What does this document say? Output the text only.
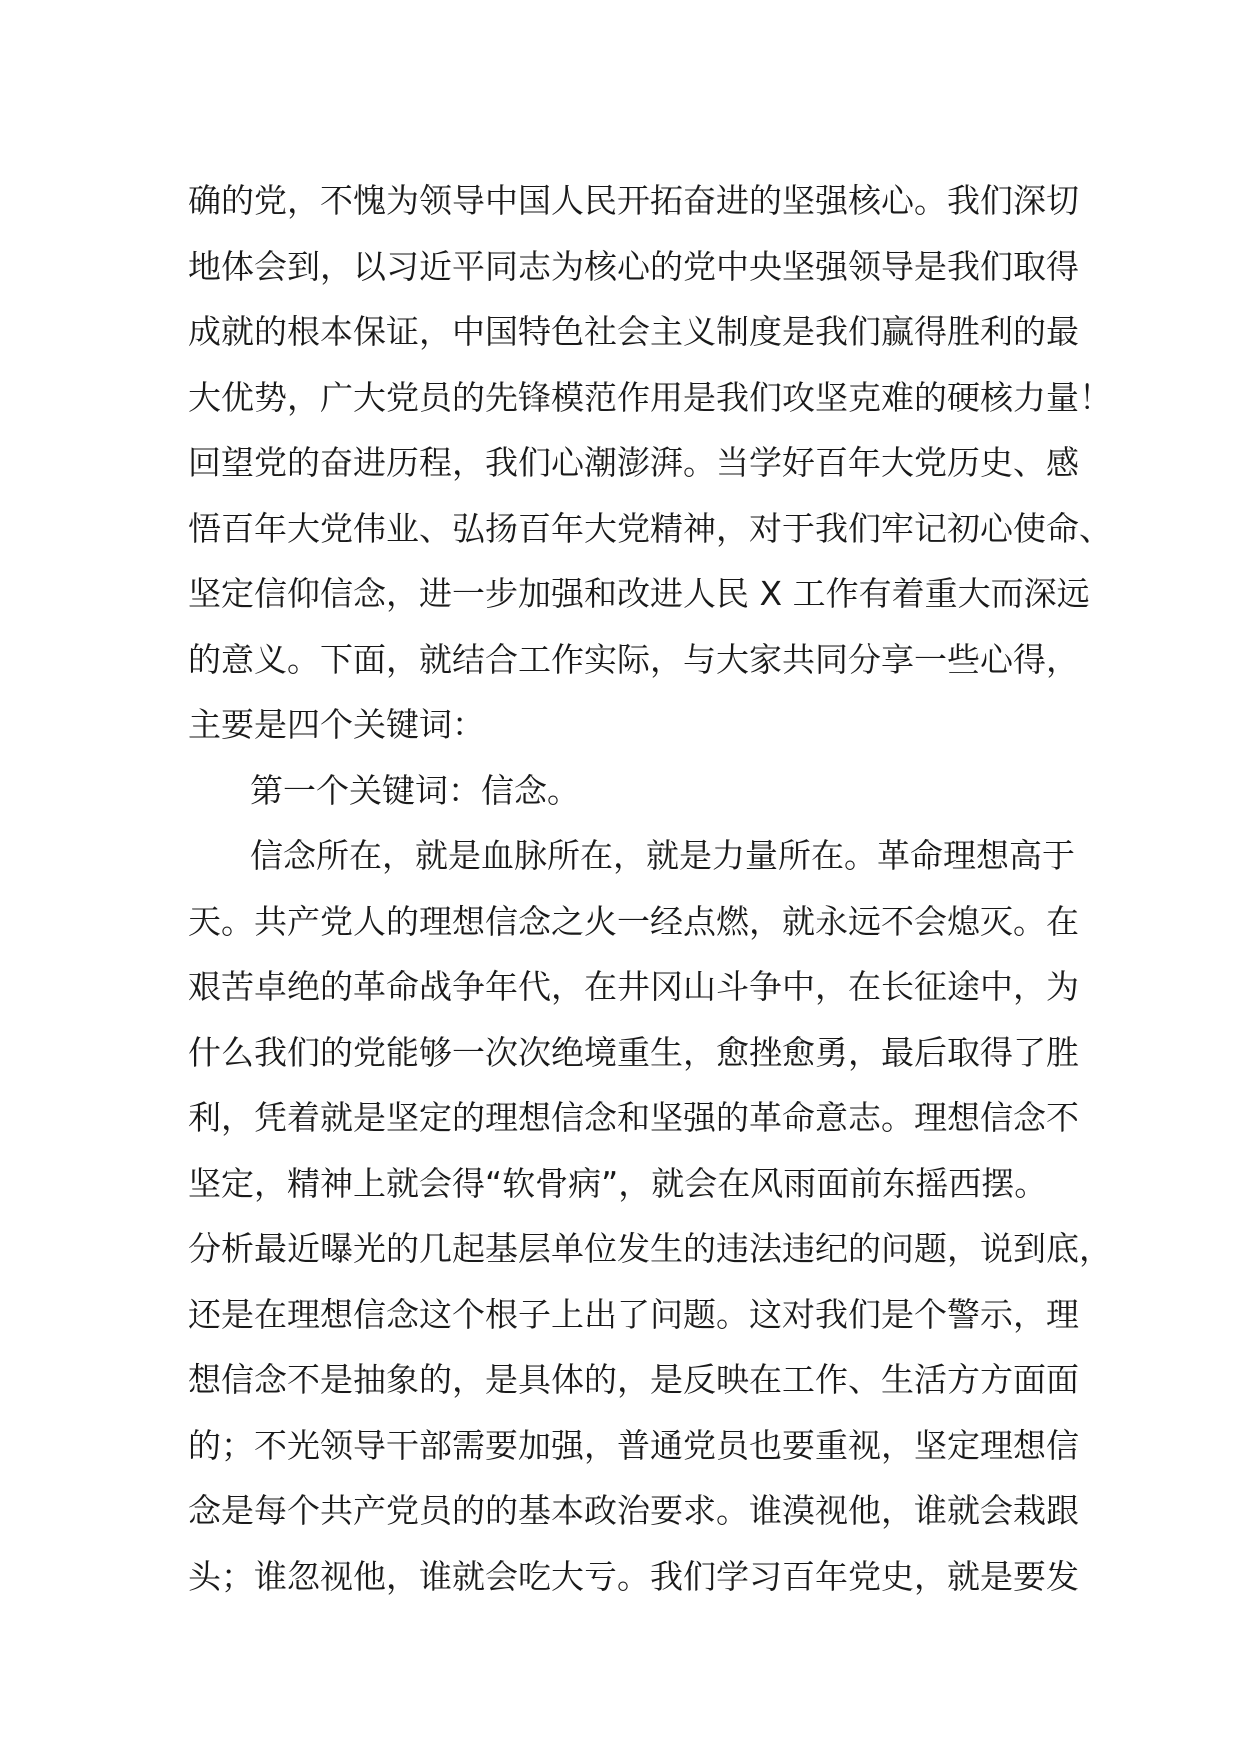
确的党，不愧为领导中国人民开拓奋进的坚强核心。我们深切
地体会到，以习近平同志为核心的党中央坚强领导是我们取得
成就的根本保证，中国特色社会主义制度是我们赢得胜利的最
大优势，广大党员的先锋模范作用是我们攻坚克难的硬核力量！
回望党的奋进历程，我们心潮澎湃。当学好百年大党历史、感
悟百年大党伟业、弘扬百年大党精神，对于我们牢记初心使命、
坚定信仰信念，进一步加强和改进人民 X 工作有着重大而深远
的意义。下面，就结合工作实际，与大家共同分享一些心得，
主要是四个关键词：
第一个关键词：信念。
信念所在，就是血脉所在，就是力量所在。革命理想高于
天。共产党人的理想信念之火一经点燃，就永远不会熄灭。在
艰苦卓绝的革命战争年代，在井冈山斗争中，在长征途中，为
什么我们的党能够一次次绝境重生，愈挫愈勇，最后取得了胜
利，凭着就是坚定的理想信念和坚强的革命意志。理想信念不
坚定，精神上就会得“软骨病”，就会在风雨面前东摇西摆。
分析最近曝光的几起基层单位发生的违法违纪的问题，说到底，
还是在理想信念这个根子上出了问题。这对我们是个警示，理
想信念不是抽象的，是具体的，是反映在工作、生活方方面面
的；不光领导干部需要加强，普通党员也要重视，坚定理想信
念是每个共产党员的的基本政治要求。谁漠视他，谁就会栽跟
头；谁忽视他，谁就会吃大亏。我们学习百年党史，就是要发
